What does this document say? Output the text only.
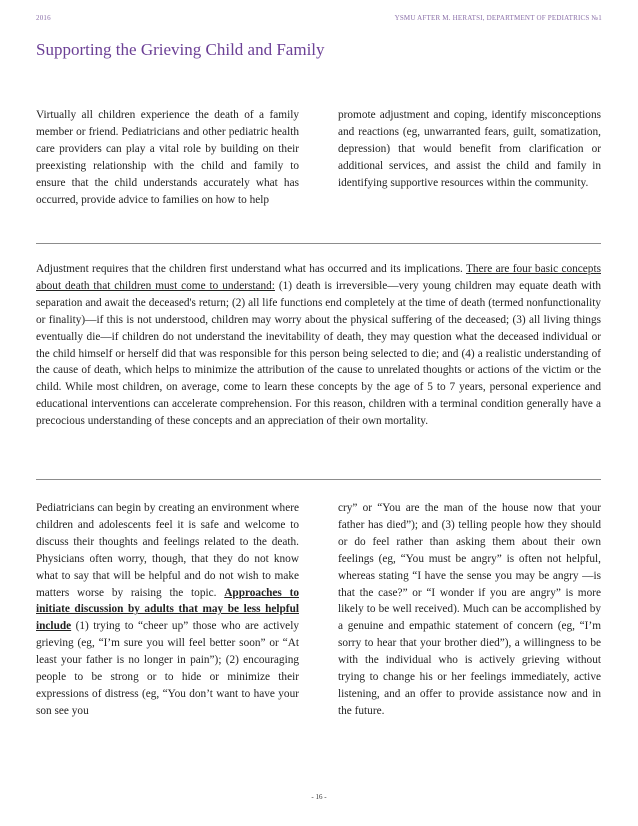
2016	YSMU AFTER M. HERATSI, DEPARTMENT OF PEDIATRICS №1
Supporting the Grieving Child and Family

Virtually all children experience the death of a family member or friend. Pediatricians and other pediatric health care providers can play a vital role by building on their preexisting relationship with the child and family to ensure that the child understands accurately what has occurred, provide advice to families on how to help

promote adjustment and coping, identify misconceptions and reactions (eg, unwarranted fears, guilt, somatization, depression) that would benefit from clarification or additional services, and assist the child and family in identifying supportive resources within the community.

Adjustment requires that the children first understand what has occurred and its implications. There are four basic concepts about death that children must come to understand: (1) death is irreversible—very young children may equate death with separation and await the deceased's return; (2) all life functions end completely at the time of death (termed nonfunctionality or finality)—if this is not understood, children may worry about the physical suffering of the deceased; (3) all living things eventually die—if children do not understand the inevitability of death, they may question what the deceased individual or the child himself or herself did that was responsible for this person being selected to die; and (4) a realistic understanding of the cause of death, which helps to minimize the attribution of the cause to unrelated thoughts or actions of the victim or the child. While most children, on average, come to learn these concepts by the age of 5 to 7 years, personal experience and educational interventions can accelerate comprehension. For this reason, children with a terminal condition generally have a precocious understanding of these concepts and an appreciation of their own mortality.

Pediatricians can begin by creating an environment where children and adolescents feel it is safe and welcome to discuss their thoughts and feelings related to the death. Physicians often worry, though, that they do not know what to say that will be helpful and do not wish to make matters worse by raising the topic. Approaches to initiate discussion by adults that may be less helpful include (1) trying to “cheer up” those who are actively grieving (eg, “I’m sure you will feel better soon” or “At least your father is no longer in pain”); (2) encouraging people to be strong or to hide or minimize their expressions of distress (eg, “You don’t want to have your son see you

cry” or “You are the man of the house now that your father has died”); and (3) telling people how they should or do feel rather than asking them about their own feelings (eg, “You must be angry” is often not helpful, whereas stating “I have the sense you may be angry —is that the case?” or “I wonder if you are angry” is more likely to be well received). Much can be accomplished by a genuine and empathic statement of concern (eg, “I’m sorry to hear that your brother died”), a willingness to be with the individual who is actively grieving without trying to change his or her feelings immediately, active listening, and an offer to provide assistance now and in the future.

- 16 -
